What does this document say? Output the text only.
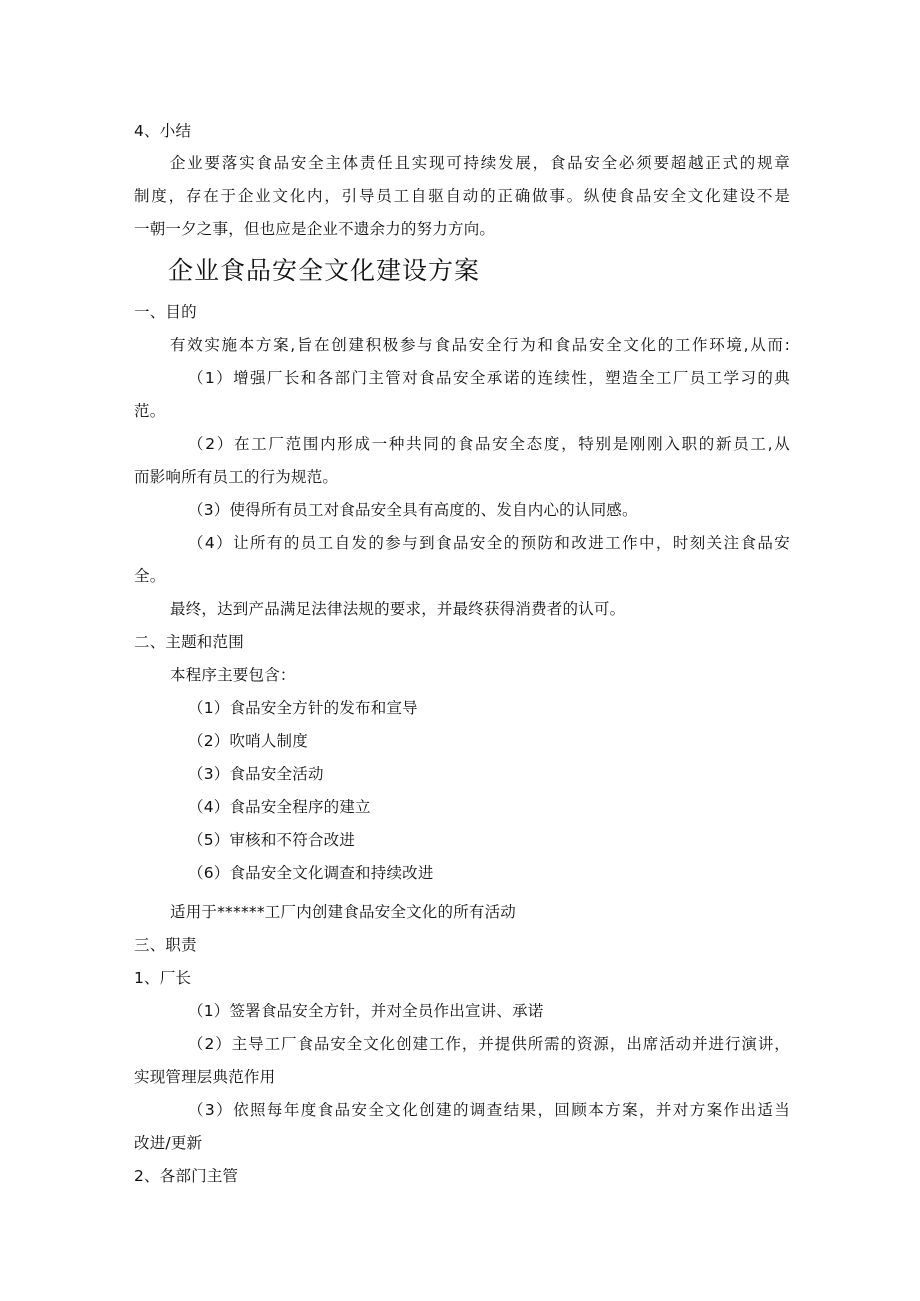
4、小结
企业要落实食品安全主体责任且实现可持续发展，食品安全必须要超越正式的规章
制度，存在于企业文化内，引导员工自驱自动的正确做事。纵使食品安全文化建设不是
一朝一夕之事，但也应是企业不遗余力的努力方向。
企业食品安全文化建设方案
一、目的
有效实施本方案,旨在创建积极参与食品安全行为和食品安全文化的工作环境,从而:
（1）增强厂长和各部门主管对食品安全承诺的连续性，塑造全工厂员工学习的典
范。
（2）在工厂范围内形成一种共同的食品安全态度，特别是刚刚入职的新员工,从
而影响所有员工的行为规范。
（3）使得所有员工对食品安全具有高度的、发自内心的认同感。
（4）让所有的员工自发的参与到食品安全的预防和改进工作中，时刻关注食品安
全。
最终，达到产品满足法律法规的要求，并最终获得消费者的认可。
二、主题和范围
本程序主要包含：
（1）食品安全方针的发布和宣导
（2）吹哨人制度
（3）食品安全活动
（4）食品安全程序的建立
（5）审核和不符合改进
（6）食品安全文化调查和持续改进
适用于******工厂内创建食品安全文化的所有活动
三、职责
1、厂长
（1）签署食品安全方针，并对全员作出宣讲、承诺
（2）主导工厂食品安全文化创建工作，并提供所需的资源，出席活动并进行演讲，
实现管理层典范作用
（3）依照每年度食品安全文化创建的调查结果，回顾本方案，并对方案作出适当
改进/更新
2、各部门主管
